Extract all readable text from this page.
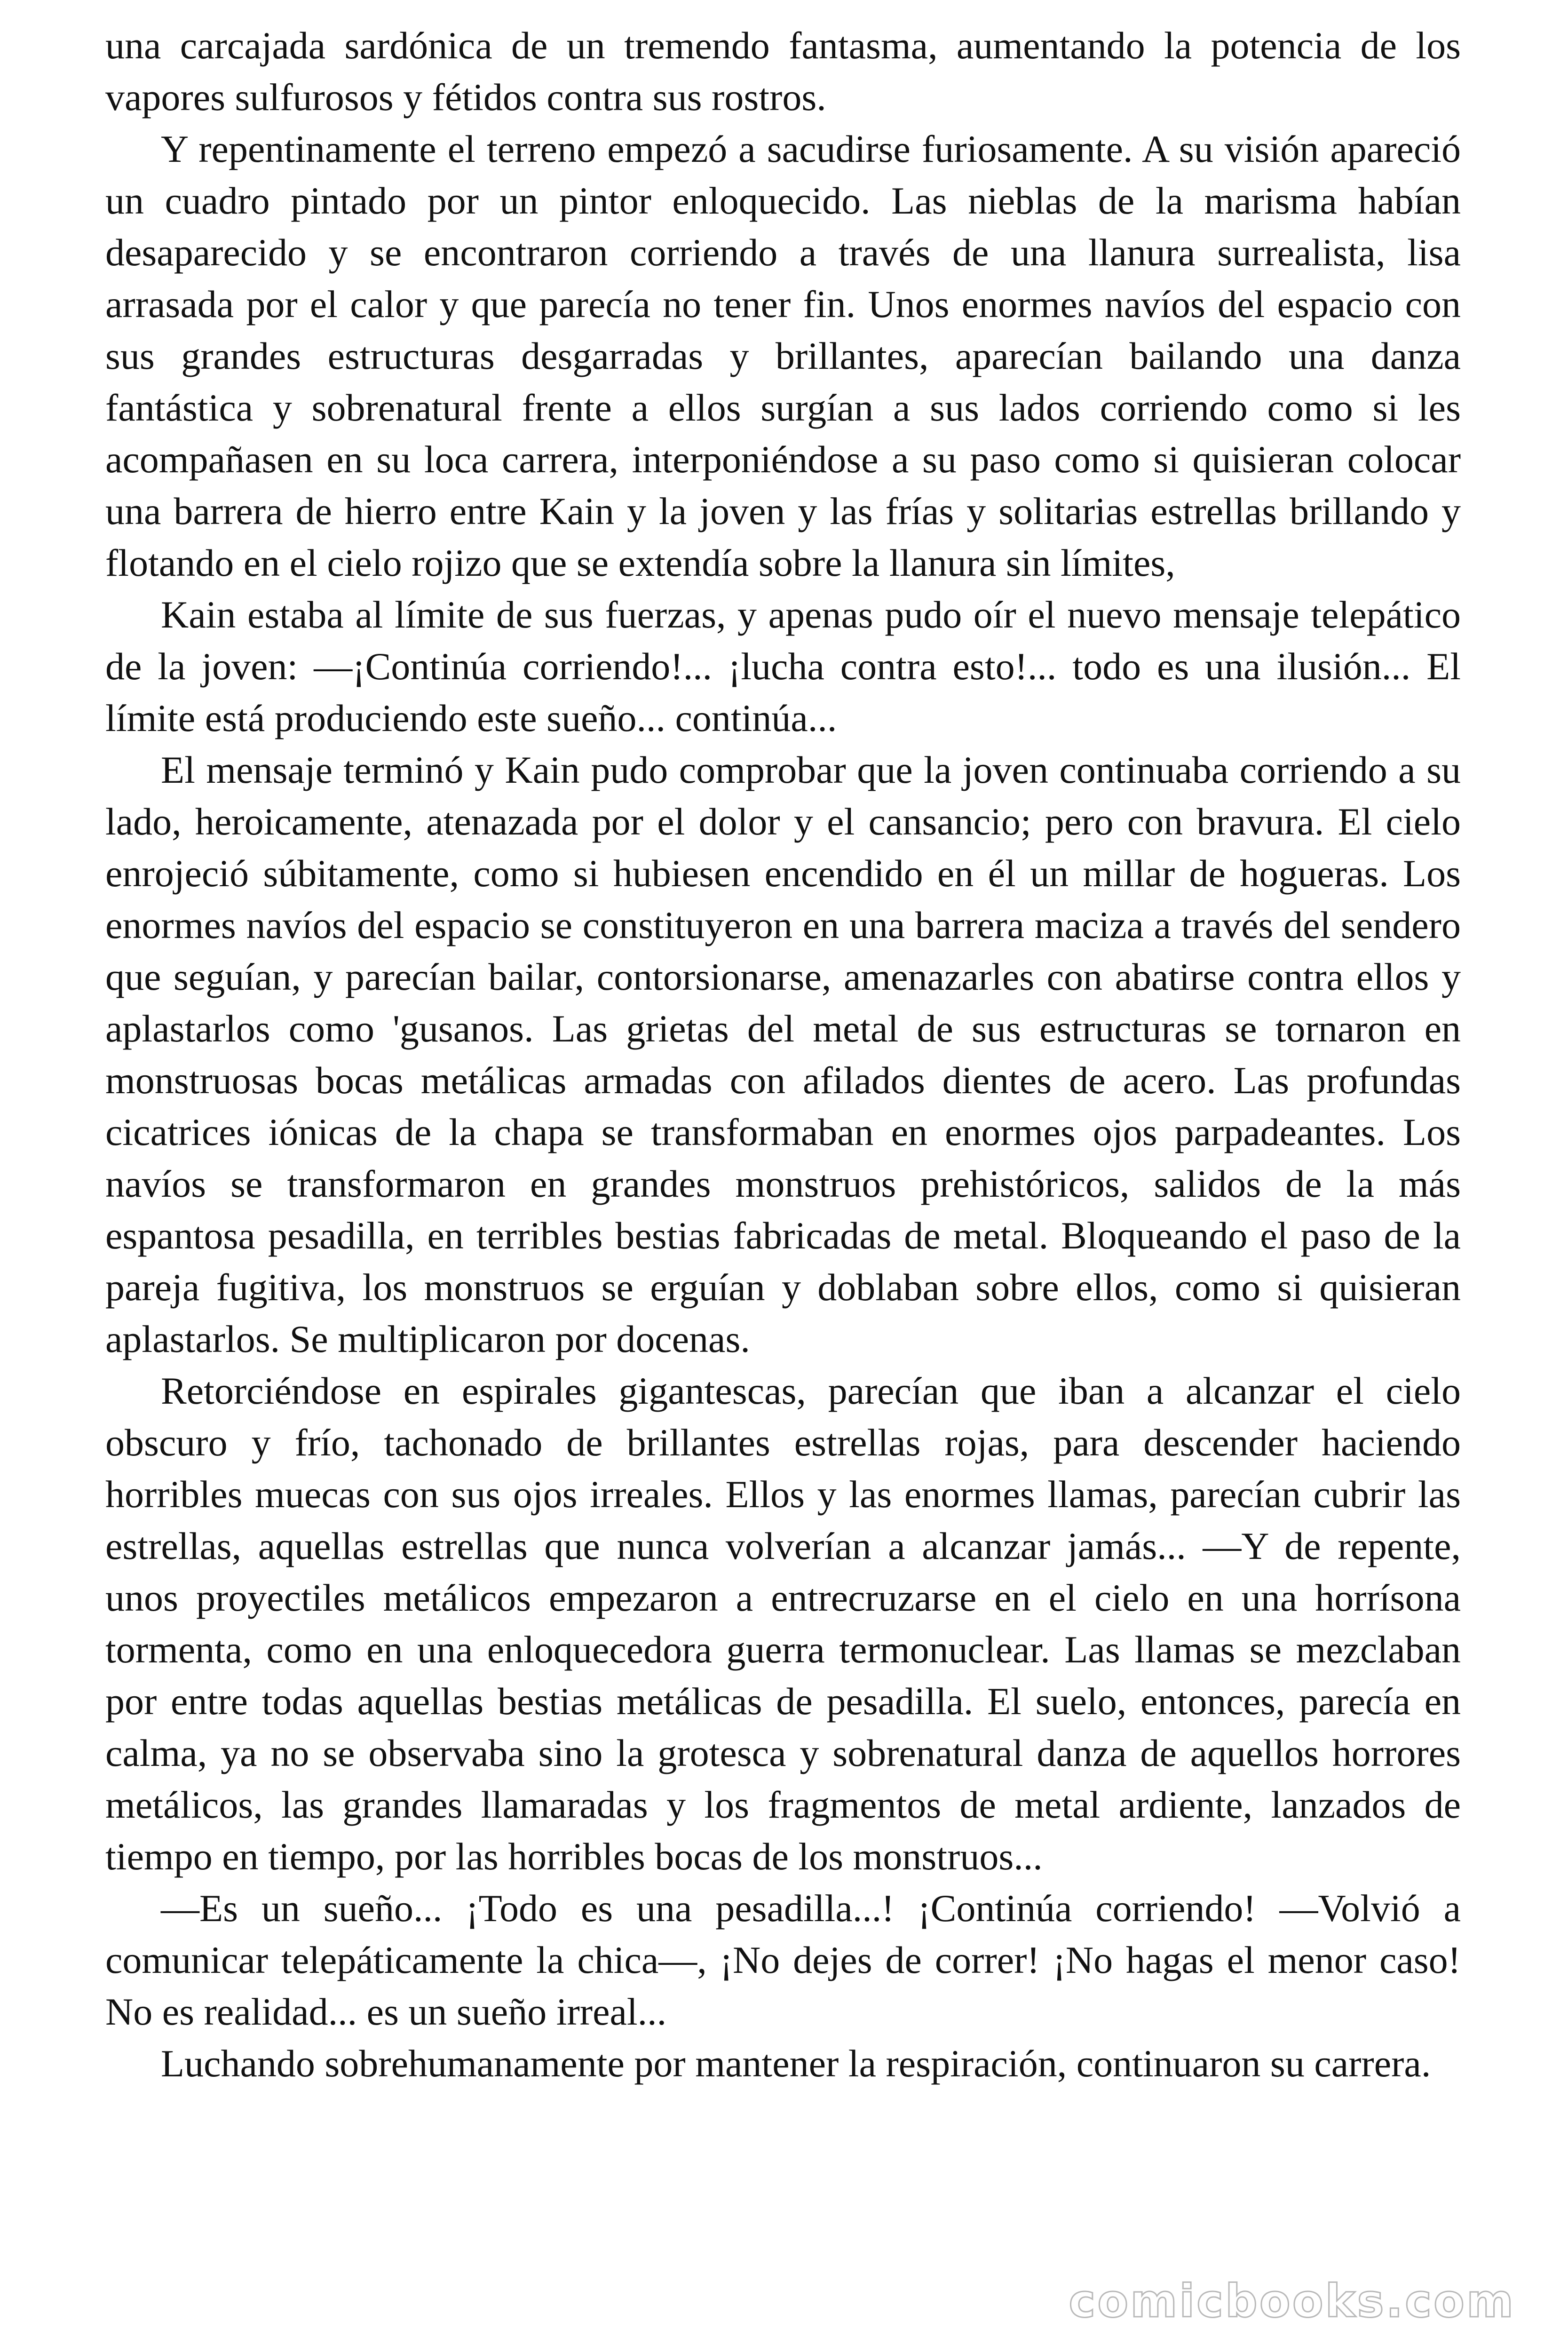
una carcajada sardónica de un tremendo fantasma, aumentando la potencia de los vapores sulfurosos y fétidos contra sus rostros.

Y repentinamente el terreno empezó a sacudirse furiosamente. A su visión apareció un cuadro pintado por un pintor enloquecido. Las nieblas de la marisma habían desaparecido y se encontraron corriendo a través de una llanura surrealista, lisa arrasada por el calor y que parecía no tener fin. Unos enormes navíos del espacio con sus grandes estructuras desgarradas y brillantes, aparecían bailando una danza fantástica y sobrenatural frente a ellos surgían a sus lados corriendo como si les acompañasen en su loca carrera, interponiéndose a su paso como si quisieran colocar una barrera de hierro entre Kain y la joven y las frías y solitarias estrellas brillando y flotando en el cielo rojizo que se extendía sobre la llanura sin límites,

Kain estaba al límite de sus fuerzas, y apenas pudo oír el nuevo mensaje telepático de la joven: —¡Continúa corriendo!... ¡lucha contra esto!... todo es una ilusión... El límite está produciendo este sueño... continúa...

El mensaje terminó y Kain pudo comprobar que la joven continuaba corriendo a su lado, heroicamente, atenazada por el dolor y el cansancio; pero con bravura. El cielo enrojeció súbitamente, como si hubiesen encendido en él un millar de hogueras. Los enormes navíos del espacio se constituyeron en una barrera maciza a través del sendero que seguían, y parecían bailar, contorsionarse, amenazarles con abatirse contra ellos y aplastarlos como 'gusanos. Las grietas del metal de sus estructuras se tornaron en monstruosas bocas metálicas armadas con afilados dientes de acero. Las profundas cicatrices iónicas de la chapa se transformaban en enormes ojos parpadeantes. Los navíos se transformaron en grandes monstruos prehistóricos, salidos de la más espantosa pesadilla, en terribles bestias fabricadas de metal. Bloqueando el paso de la pareja fugitiva, los monstruos se erguían y doblaban sobre ellos, como si quisieran aplastarlos. Se multiplicaron por docenas.

Retorciéndose en espirales gigantescas, parecían que iban a alcanzar el cielo obscuro y frío, tachonado de brillantes estrellas rojas, para descender haciendo horribles muecas con sus ojos irreales. Ellos y las enormes llamas, parecían cubrir las estrellas, aquellas estrellas que nunca volverían a alcanzar jamás... —Y de repente, unos proyectiles metálicos empezaron a entrecruzarse en el cielo en una horrísona tormenta, como en una enloquecedora guerra termonuclear. Las llamas se mezclaban por entre todas aquellas bestias metálicas de pesadilla. El suelo, entonces, parecía en calma, ya no se observaba sino la grotesca y sobrenatural danza de aquellos horrores metálicos, las grandes llamaradas y los fragmentos de metal ardiente, lanzados de tiempo en tiempo, por las horribles bocas de los monstruos...

—Es un sueño... ¡Todo es una pesadilla...! ¡Continúa corriendo! —Volvió a comunicar telepáticamente la chica—, ¡No dejes de correr! ¡No hagas el menor caso! No es realidad... es un sueño irreal...

Luchando sobrehumanamente por mantener la respiración, continuaron su carrera.

comicbooks.com
